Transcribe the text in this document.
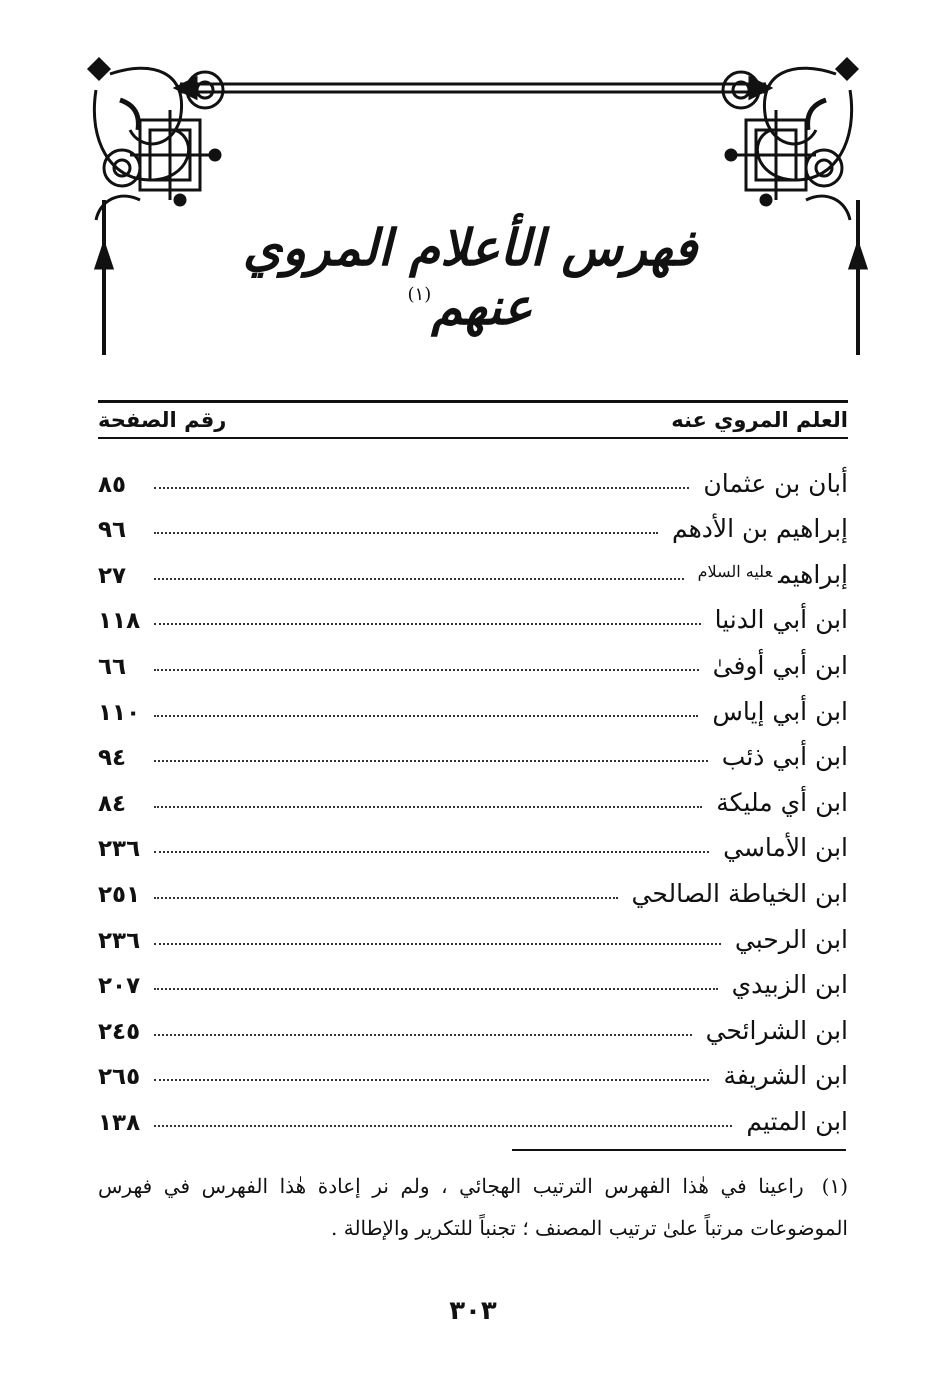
فهرس الأعلام المروي عنهم$^{(١)}$
العلم المروي عنه
رقم الصفحة
أبان بن عثمان
٨٥
إبراهيم بن الأدهم
٩٦
إبراهيم$^{عليه السلام}$
٢٧
ابن أبي الدنيا
١١٨
ابن أبي أوفىٰ
٦٦
ابن أبي إياس
١١٠
ابن أبي ذئب
٩٤
ابن أي مليكة
٨٤
ابن الأماسي
٢٣٦
ابن الخياطة الصالحي
٢٥١
ابن الرحبي
٢٣٦
ابن الزبيدي
٢٠٧
ابن الشرائحي
٢٤٥
ابن الشريفة
٢٦٥
ابن المتيم
١٣٨
(١)راعينا في هٰذا الفهرس الترتيب الهجائي ، ولم نر إعادة هٰذا الفهرس في فهرس الموضوعات مرتباً علىٰ ترتيب المصنف ؛ تجنباً للتكرير والإطالة .
٣٠٣
